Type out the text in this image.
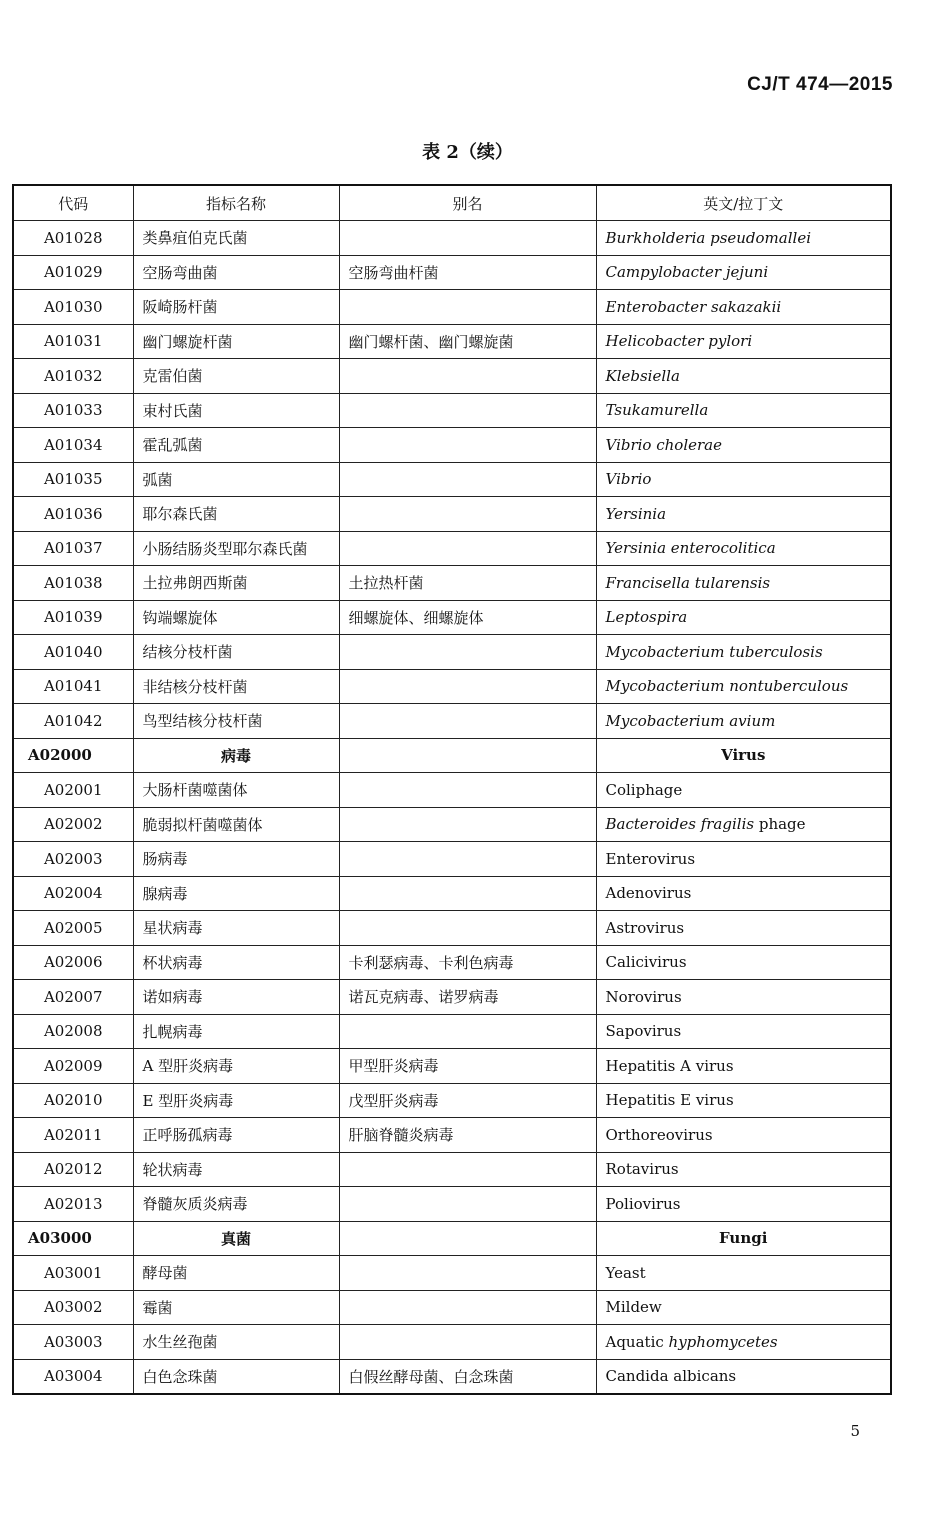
CJ/T 474—2015
表 2（续）
代码	指标名称	别名	英文/拉丁文
A01028	类鼻疽伯克氏菌		Burkholderia pseudomallei
A01029	空肠弯曲菌	空肠弯曲杆菌	Campylobacter jejuni
A01030	阪崎肠杆菌		Enterobacter sakazakii
A01031	幽门螺旋杆菌	幽门螺杆菌、幽门螺旋菌	Helicobacter pylori
A01032	克雷伯菌		Klebsiella
A01033	束村氏菌		Tsukamurella
A01034	霍乱弧菌		Vibrio cholerae
A01035	弧菌		Vibrio
A01036	耶尔森氏菌		Yersinia
A01037	小肠结肠炎型耶尔森氏菌		Yersinia enterocolitica
A01038	土拉弗朗西斯菌	土拉热杆菌	Francisella tularensis
A01039	钩端螺旋体	细螺旋体、细螺旋体	Leptospira
A01040	结核分枝杆菌		Mycobacterium tuberculosis
A01041	非结核分枝杆菌		Mycobacterium nontuberculous
A01042	鸟型结核分枝杆菌		Mycobacterium avium
A02000	病毒		Virus
A02001	大肠杆菌噬菌体		Coliphage
A02002	脆弱拟杆菌噬菌体		Bacteroides fragilis phage
A02003	肠病毒		Enterovirus
A02004	腺病毒		Adenovirus
A02005	星状病毒		Astrovirus
A02006	杯状病毒	卡利瑟病毒、卡利色病毒	Calicivirus
A02007	诺如病毒	诺瓦克病毒、诺罗病毒	Norovirus
A02008	扎幌病毒		Sapovirus
A02009	A 型肝炎病毒	甲型肝炎病毒	Hepatitis A virus
A02010	E 型肝炎病毒	戊型肝炎病毒	Hepatitis E virus
A02011	正呼肠孤病毒	肝脑脊髓炎病毒	Orthoreovirus
A02012	轮状病毒		Rotavirus
A02013	脊髓灰质炎病毒		Poliovirus
A03000	真菌		Fungi
A03001	酵母菌		Yeast
A03002	霉菌		Mildew
A03003	水生丝孢菌		Aquatic hyphomycetes
A03004	白色念珠菌	白假丝酵母菌、白念珠菌	Candida albicans
5
